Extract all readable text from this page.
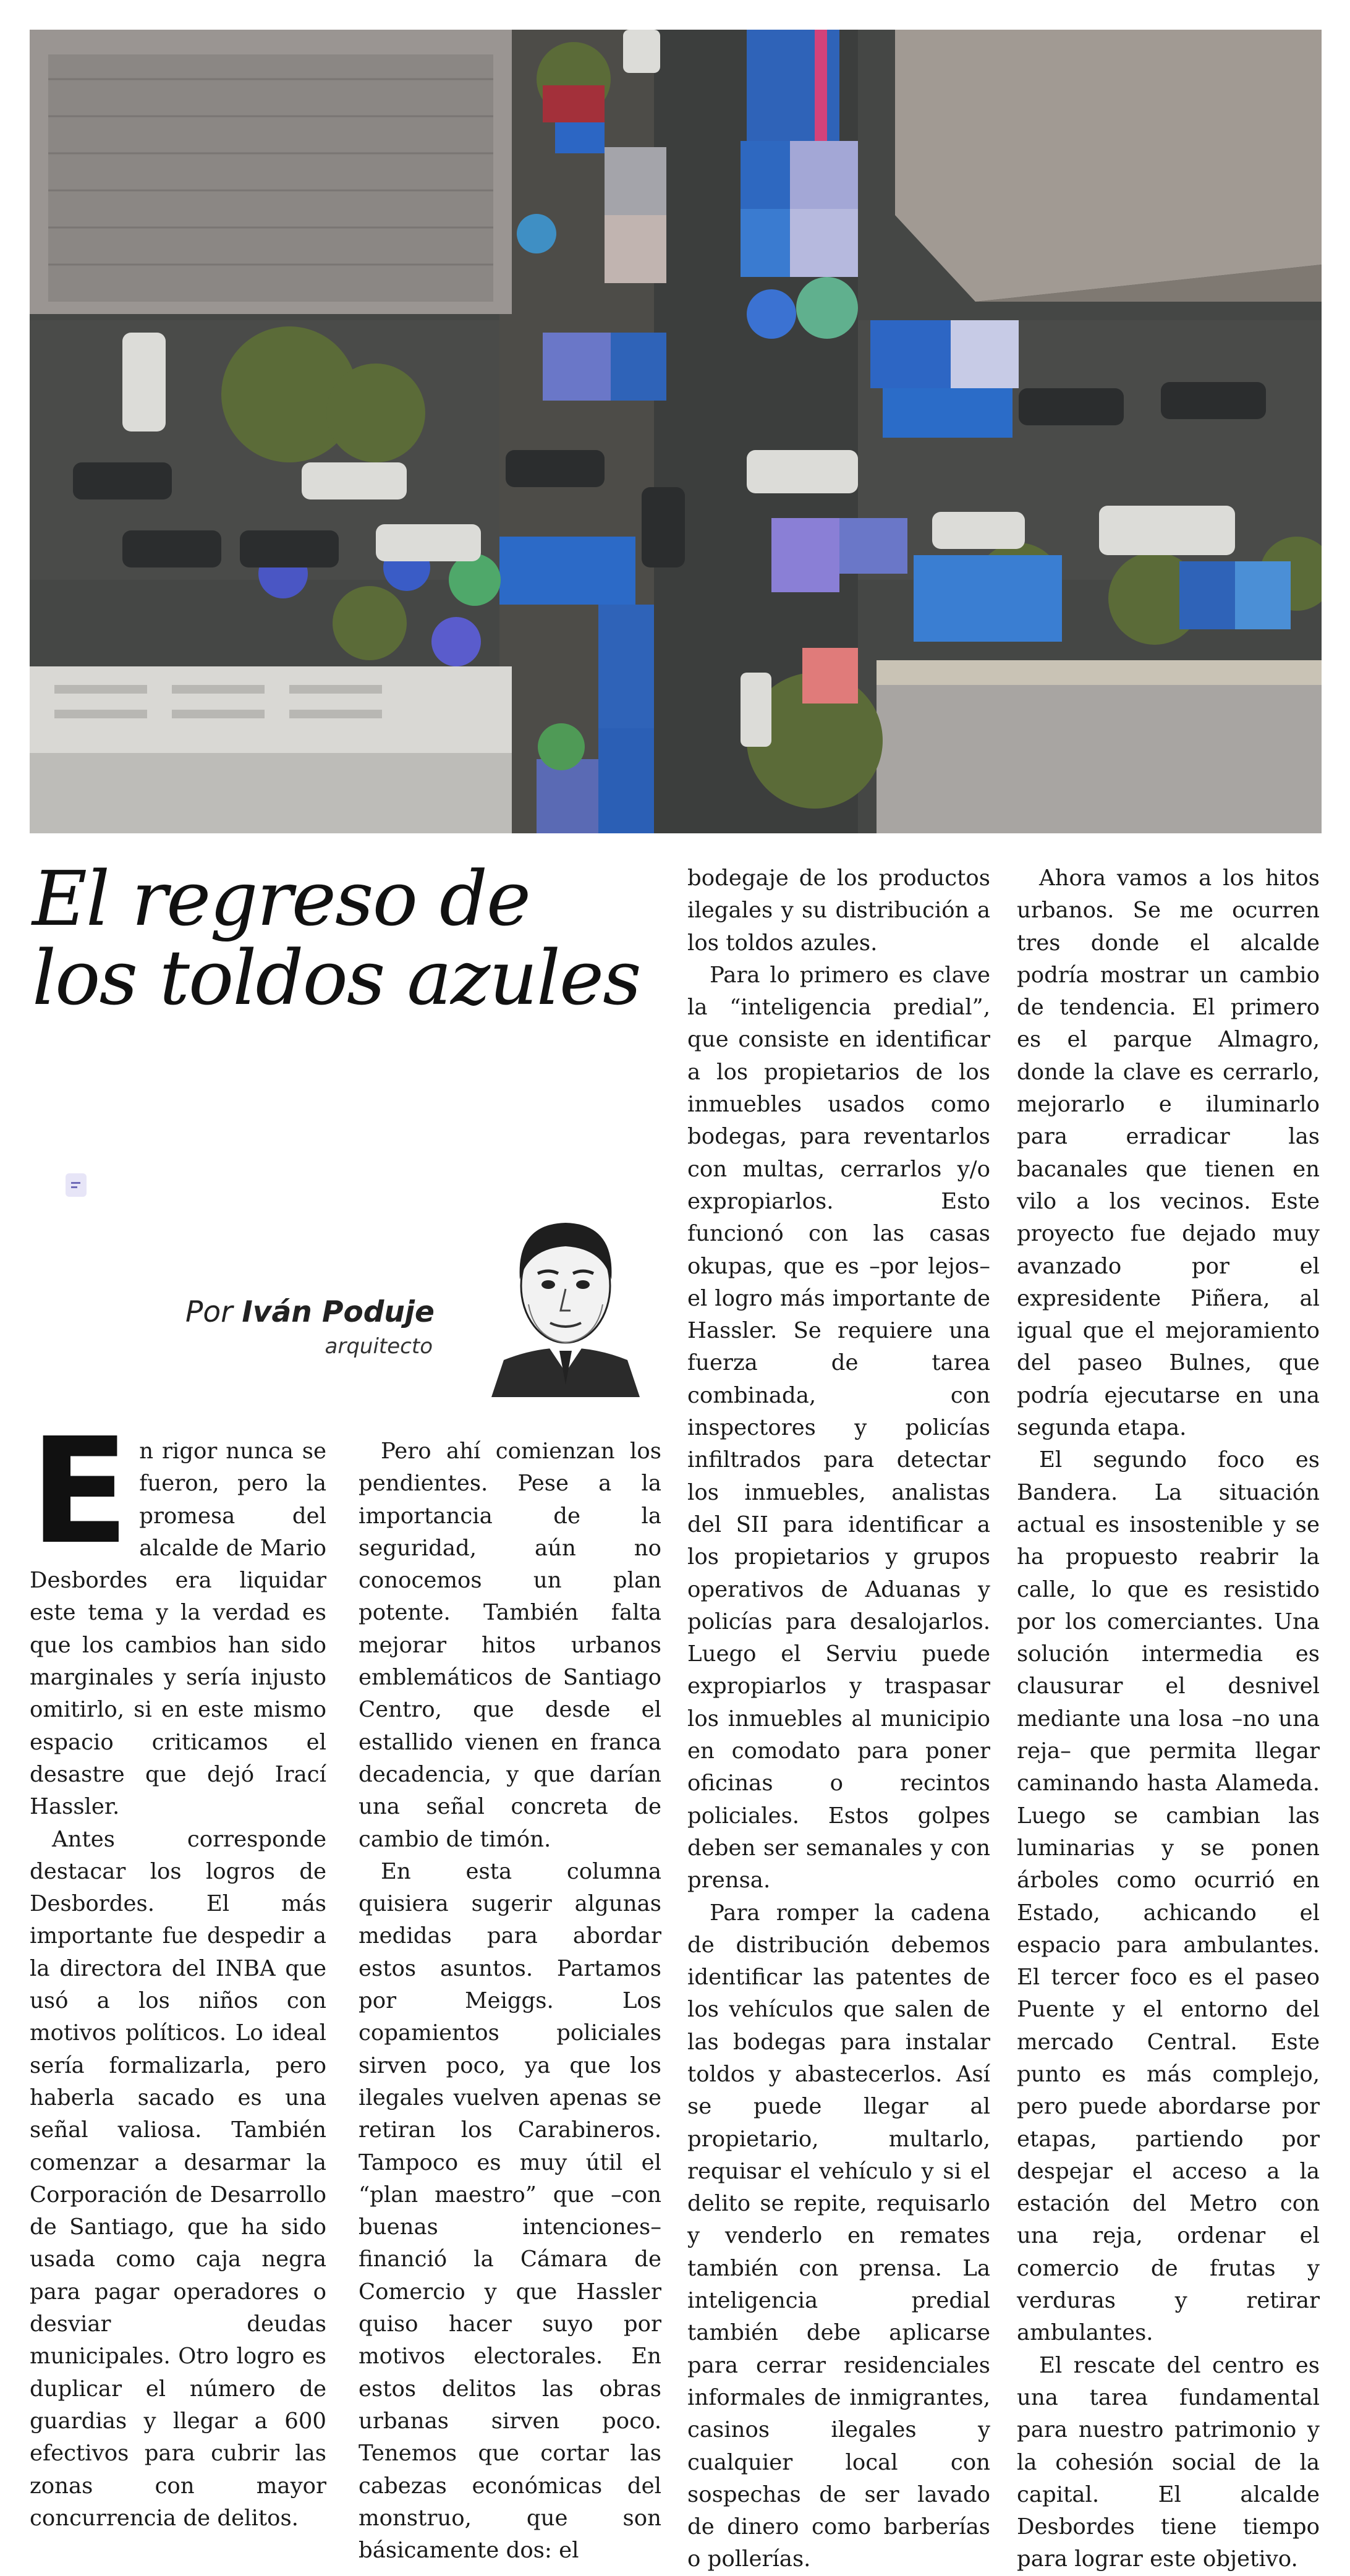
El regreso de los toldos azules
Por Iván Poduje
arquitecto

En rigor nunca se fueron, pero la promesa del alcalde de Mario Desbordes era liquidar este tema y la verdad es que los cambios han sido marginales y sería injusto omitirlo, si en este mismo espacio criticamos el desastre que dejó Irací Hassler.

Antes corresponde destacar los logros de Desbordes. El más importante fue despedir a la directora del INBA que usó a los niños con motivos políticos. Lo ideal sería formalizarla, pero haberla sacado es una señal valiosa. También comenzar a desarmar la Corporación de Desarrollo de Santiago, que ha sido usada como caja negra para pagar operadores o desviar deudas municipales. Otro logro es duplicar el número de guardias y llegar a 600 efectivos para cubrir las zonas con mayor concurrencia de delitos.

Pero ahí comienzan los pendientes. Pese a la importancia de la seguridad, aún no conocemos un plan potente. También falta mejorar hitos urbanos emblemáticos de Santiago Centro, que desde el estallido vienen en franca decadencia, y que darían una señal concreta de cambio de timón.

En esta columna quisiera sugerir algunas medidas para abordar estos asuntos. Partamos por Meiggs. Los copamientos policiales sirven poco, ya que los ilegales vuelven apenas se retiran los Carabineros. Tampoco es muy útil el “plan maestro” que –con buenas intenciones– financió la Cámara de Comercio y que Hassler quiso hacer suyo por motivos electorales. En estos delitos las obras urbanas sirven poco. Tenemos que cortar las cabezas económicas del monstruo, que son básicamente dos: el

bodegaje de los productos ilegales y su distribución a los toldos azules.

Para lo primero es clave la “inteligencia predial”, que consiste en identificar a los propietarios de los inmuebles usados como bodegas, para reventarlos con multas, cerrarlos y/o expropiarlos. Esto funcionó con las casas okupas, que es –por lejos– el logro más importante de Hassler. Se requiere una fuerza de tarea combinada, con inspectores y policías infiltrados para detectar los inmuebles, analistas del SII para identificar a los propietarios y grupos operativos de Aduanas y policías para desalojarlos. Luego el Serviu puede expropiarlos y traspasar los inmuebles al municipio en comodato para poner oficinas o recintos policiales. Estos golpes deben ser semanales y con prensa.

Para romper la cadena de distribución debemos identificar las patentes de los vehículos que salen de las bodegas para instalar toldos y abastecerlos. Así se puede llegar al propietario, multarlo, requisar el vehículo y si el delito se repite, requisarlo y venderlo en remates también con prensa. La inteligencia predial también debe aplicarse para cerrar residenciales informales de inmigrantes, casinos ilegales y cualquier local con sospechas de ser lavado de dinero como barberías o pollerías.

Ahora vamos a los hitos urbanos. Se me ocurren tres donde el alcalde podría mostrar un cambio de tendencia. El primero es el parque Almagro, donde la clave es cerrarlo, mejorarlo e iluminarlo para erradicar las bacanales que tienen en vilo a los vecinos. Este proyecto fue dejado muy avanzado por el expresidente Piñera, al igual que el mejoramiento del paseo Bulnes, que podría ejecutarse en una segunda etapa.

El segundo foco es Bandera. La situación actual es insostenible y se ha propuesto reabrir la calle, lo que es resistido por los comerciantes. Una solución intermedia es clausurar el desnivel mediante una losa –no una reja– que permita llegar caminando hasta Alameda. Luego se cambian las luminarias y se ponen árboles como ocurrió en Estado, achicando el espacio para ambulantes. El tercer foco es el paseo Puente y el entorno del mercado Central. Este punto es más complejo, pero puede abordarse por etapas, partiendo por despejar el acceso a la estación del Metro con una reja, ordenar el comercio de frutas y verduras y retirar ambulantes.

El rescate del centro es una tarea fundamental para nuestro patrimonio y la cohesión social de la capital. El alcalde Desbordes tiene tiempo para lograr este objetivo.
